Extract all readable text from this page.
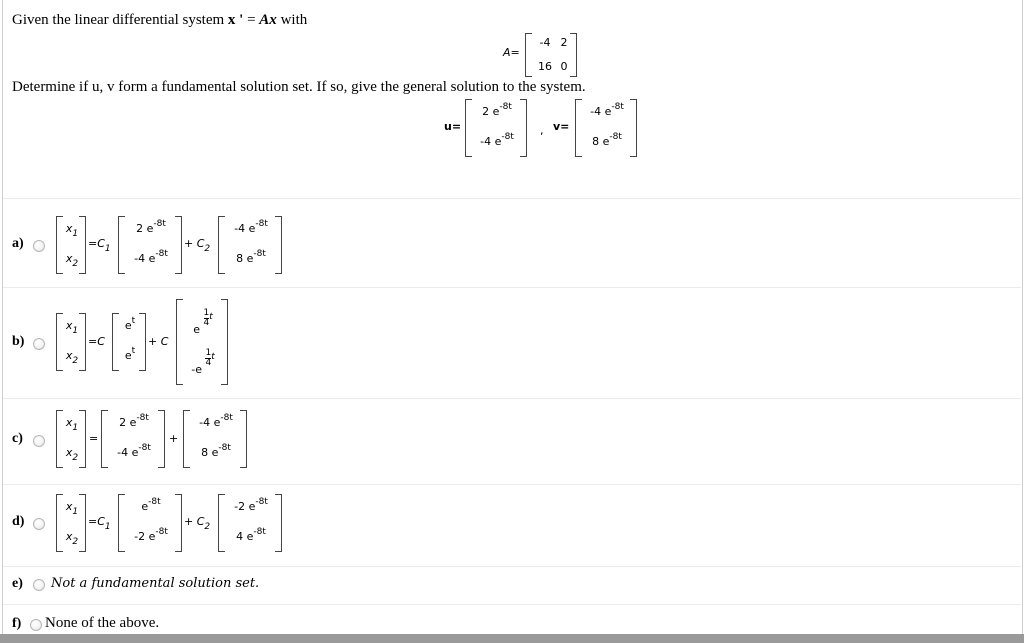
Given the linear differential system x ' = Ax with
A=
-4 2
16 0
Determine if u, v form a fundamental solution set. If so, give the general solution to the system.
u=
2 $e^{-8t}$
-4 $e^{-8t}$	, v=
-4 $e^{-8t}$
8 $e^{-8t}$
a)
$x_1$
$x_2$
$=C_1$
2 $e^{-8t}$
-4 $e^{-8t}$
+ $C_2$
-4 $e^{-8t}$
8 $e^{-8t}$
b)
$x_1$
$x_2$
=C
$e^t$
$e^t$
+ C
e
$\frac{1}{4}$ t
-e
$\frac{1}{4}$ t
c)
$x_1$
$x_2$
=
2 $e^{-8t}$
-4 $e^{-8t}$
+
-4 $e^{-8t}$
8 $e^{-8t}$
d)
$x_1$
$x_2$
$=C_1$
$e^{-8t}$
-2 $e^{-8t}$
+ $C_2$
-2 $e^{-8t}$
4 $e^{-8t}$
e) Not a fundamental solution set.
f) None of the above.
